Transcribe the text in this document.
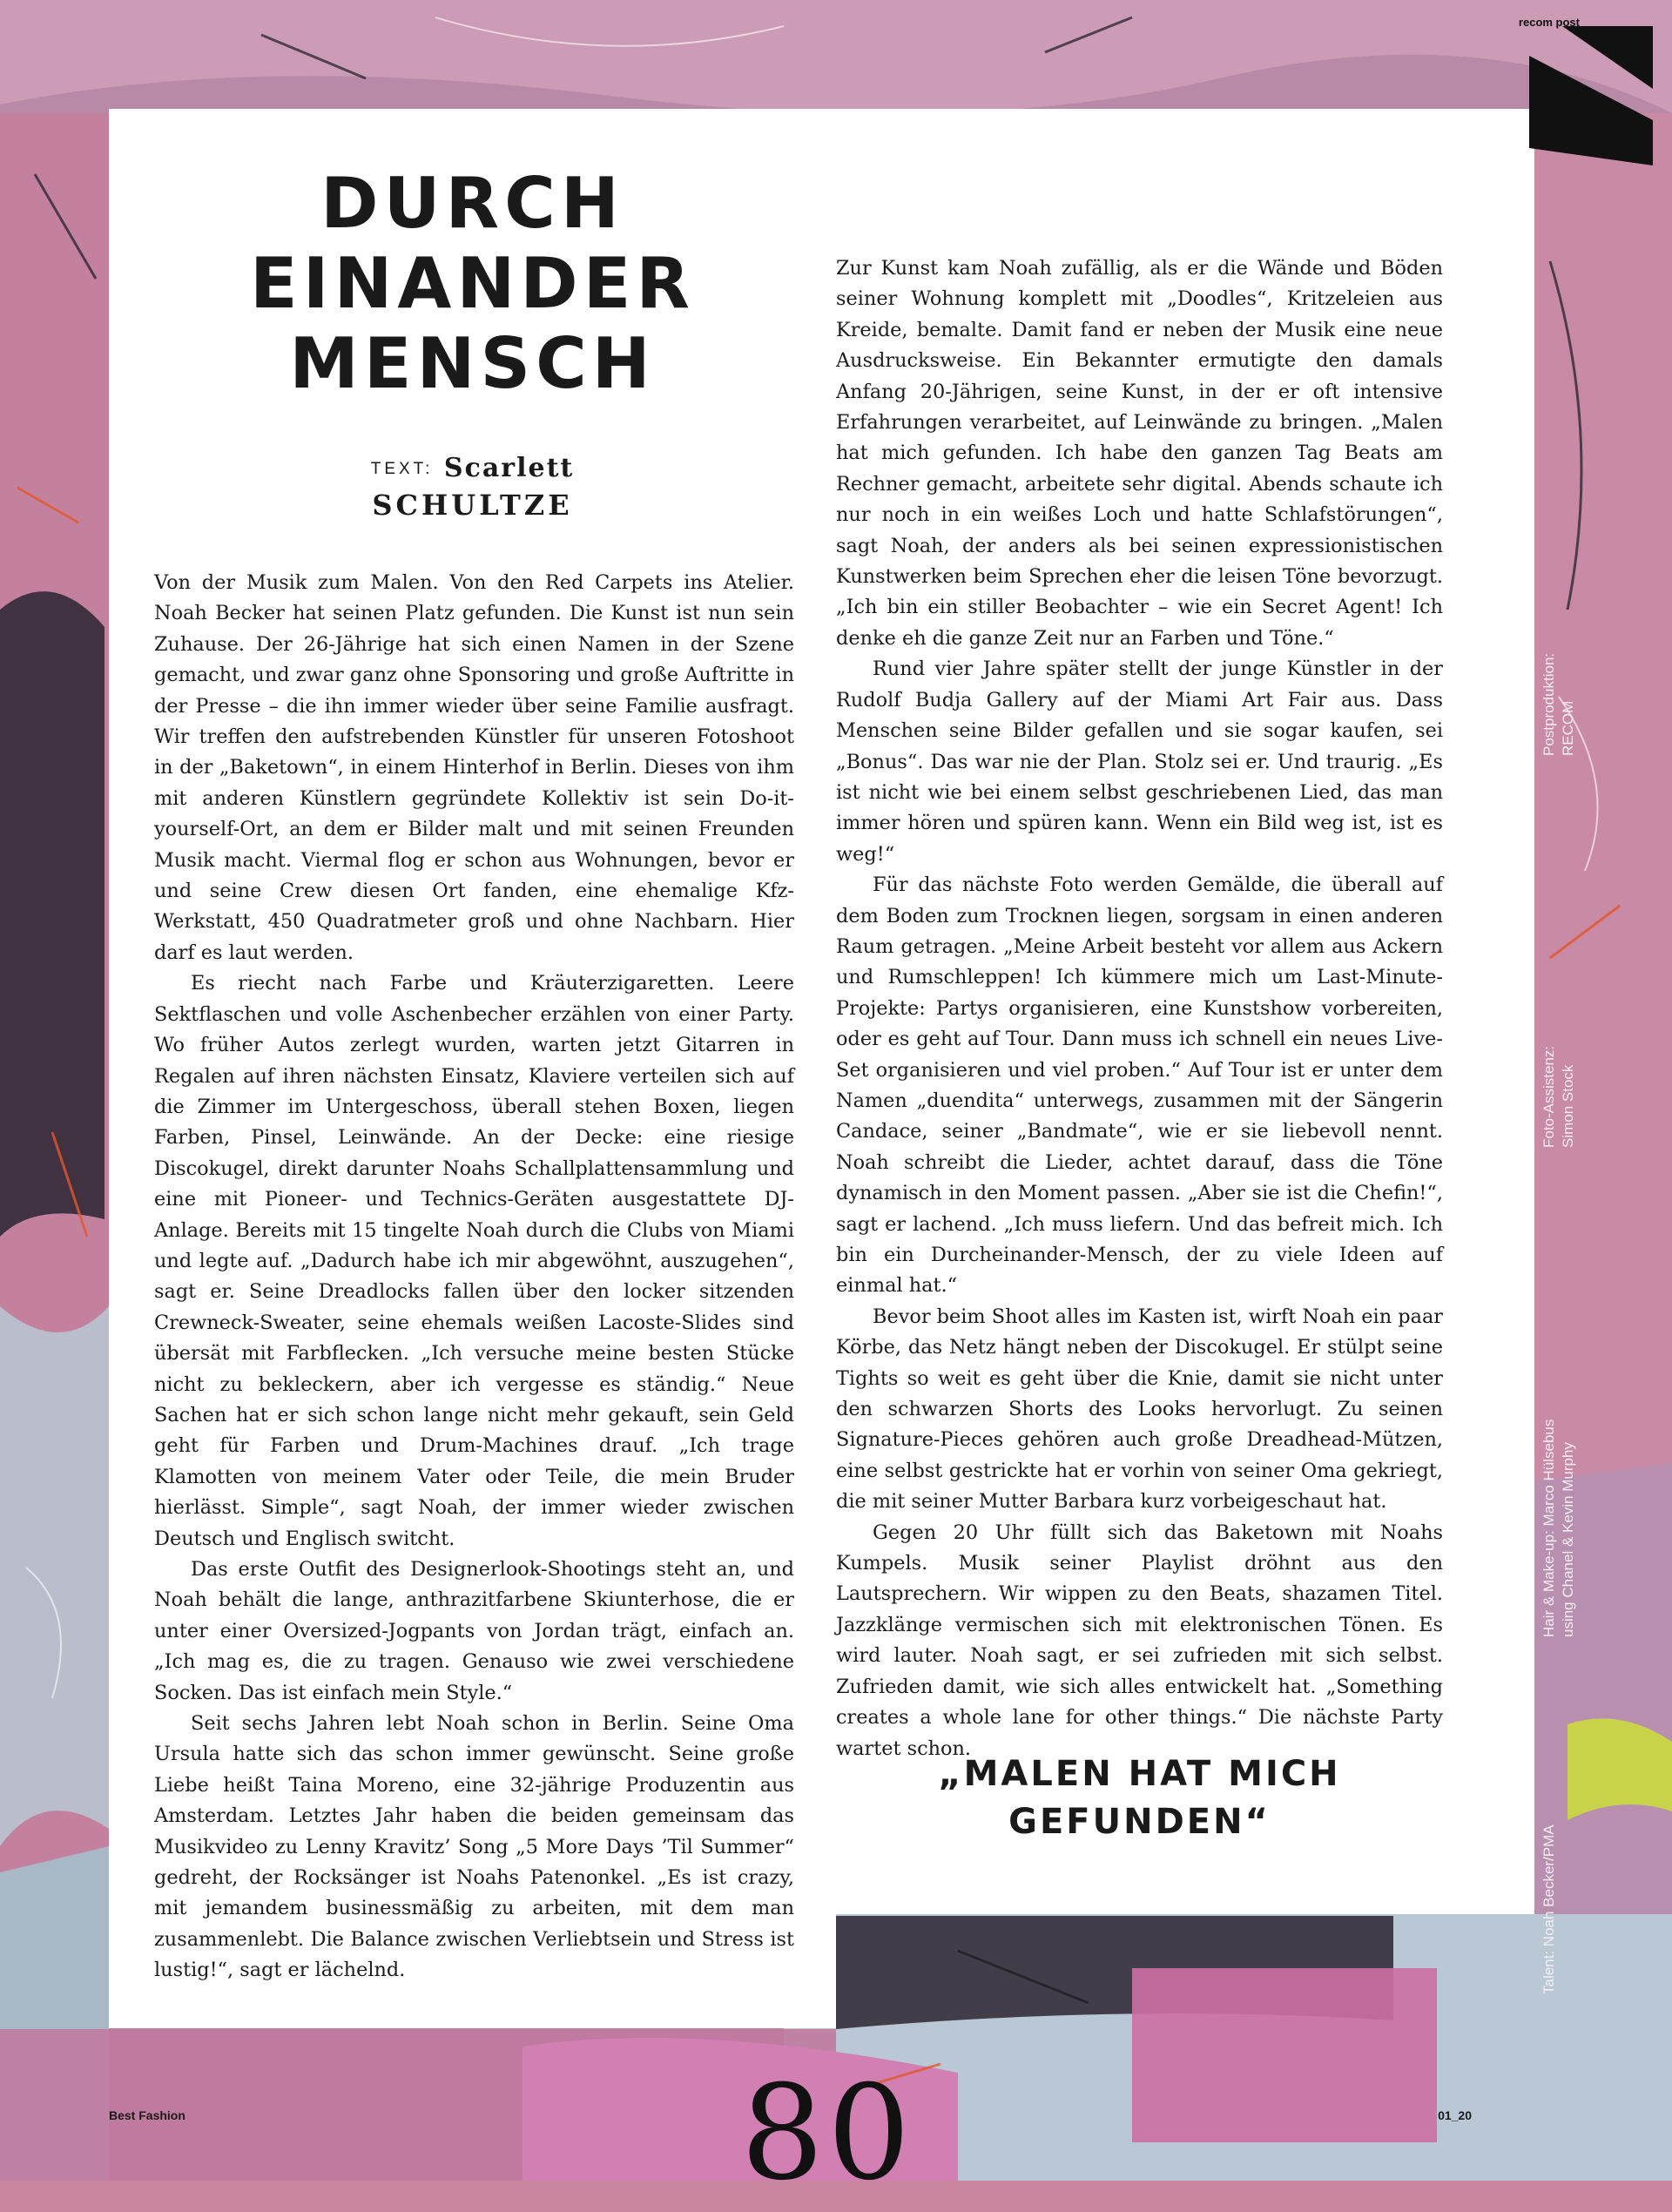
recom post
DURCH
EINANDER
MENSCH
TEXT: Scarlett
SCHULTZE

Von der Musik zum Malen. Von den Red Carpets ins Atelier. Noah Becker hat seinen Platz gefunden. Die Kunst ist nun sein Zuhause. Der 26-Jährige hat sich einen Namen in der Szene gemacht, und zwar ganz ohne Sponsoring und große Auftritte in der Presse – die ihn immer wieder über seine Familie ausfragt. Wir treffen den aufstrebenden Künstler für unseren Fotoshoot in der „Baketown“, in einem Hinterhof in Berlin. Dieses von ihm mit anderen Künstlern gegründete Kollektiv ist sein Do-it-yourself-Ort, an dem er Bilder malt und mit seinen Freunden Musik macht. Viermal flog er schon aus Wohnungen, bevor er und seine Crew diesen Ort fanden, eine ehemalige Kfz-Werkstatt, 450 Quadratmeter groß und ohne Nachbarn. Hier darf es laut werden.

Es riecht nach Farbe und Kräuterzigaretten. Leere Sektflaschen und volle Aschenbecher erzählen von einer Party. Wo früher Autos zerlegt wurden, warten jetzt Gitarren in Regalen auf ihren nächsten Einsatz, Klaviere verteilen sich auf die Zimmer im Untergeschoss, überall stehen Boxen, liegen Farben, Pinsel, Leinwände. An der Decke: eine riesige Discokugel, direkt darunter Noahs Schallplattensammlung und eine mit Pioneer- und Technics-Geräten ausgestattete DJ-Anlage. Bereits mit 15 tingelte Noah durch die Clubs von Miami und legte auf. „Dadurch habe ich mir abgewöhnt, auszugehen“, sagt er. Seine Dreadlocks fallen über den locker sitzenden Crewneck-Sweater, seine ehemals weißen Lacoste-Slides sind übersät mit Farbflecken. „Ich versuche meine besten Stücke nicht zu bekleckern, aber ich vergesse es ständig.“ Neue Sachen hat er sich schon lange nicht mehr gekauft, sein Geld geht für Farben und Drum-Machines drauf. „Ich trage Klamotten von meinem Vater oder Teile, die mein Bruder hierlässt. Simple“, sagt Noah, der immer wieder zwischen Deutsch und Englisch switcht.

Das erste Outfit des Designerlook-Shootings steht an, und Noah behält die lange, anthrazitfarbene Skiunterhose, die er unter einer Oversized-Jogpants von Jordan trägt, einfach an. „Ich mag es, die zu tragen. Genauso wie zwei verschiedene Socken. Das ist einfach mein Style.“

Seit sechs Jahren lebt Noah schon in Berlin. Seine Oma Ursula hatte sich das schon immer gewünscht. Seine große Liebe heißt Taina Moreno, eine 32-jährige Produzentin aus Amsterdam. Letztes Jahr haben die beiden gemeinsam das Musikvideo zu Lenny Kravitz’ Song „5 More Days ’Til Summer“ gedreht, der Rocksänger ist Noahs Patenonkel. „Es ist crazy, mit jemandem businessmäßig zu arbeiten, mit dem man zusammenlebt. Die Balance zwischen Verliebtsein und Stress ist lustig!“, sagt er lächelnd.

Zur Kunst kam Noah zufällig, als er die Wände und Böden seiner Wohnung komplett mit „Doodles“, Kritzeleien aus Kreide, bemalte. Damit fand er neben der Musik eine neue Ausdrucksweise. Ein Bekannter ermutigte den damals Anfang 20-Jährigen, seine Kunst, in der er oft intensive Erfahrungen verarbeitet, auf Leinwände zu bringen. „Malen hat mich gefunden. Ich habe den ganzen Tag Beats am Rechner gemacht, arbeitete sehr digital. Abends schaute ich nur noch in ein weißes Loch und hatte Schlafstörungen“, sagt Noah, der anders als bei seinen expressionistischen Kunstwerken beim Sprechen eher die leisen Töne bevorzugt. „Ich bin ein stiller Beobachter – wie ein Secret Agent! Ich denke eh die ganze Zeit nur an Farben und Töne.“

Rund vier Jahre später stellt der junge Künstler in der Rudolf Budja Gallery auf der Miami Art Fair aus. Dass Menschen seine Bilder gefallen und sie sogar kaufen, sei „Bonus“. Das war nie der Plan. Stolz sei er. Und traurig. „Es ist nicht wie bei einem selbst geschriebenen Lied, das man immer hören und spüren kann. Wenn ein Bild weg ist, ist es weg!“

Für das nächste Foto werden Gemälde, die überall auf dem Boden zum Trocknen liegen, sorgsam in einen anderen Raum getragen. „Meine Arbeit besteht vor allem aus Ackern und Rumschleppen! Ich kümmere mich um Last-Minute-Projekte: Partys organisieren, eine Kunstshow vorbereiten, oder es geht auf Tour. Dann muss ich schnell ein neues Live-Set organisieren und viel proben.“ Auf Tour ist er unter dem Namen „duendita“ unterwegs, zusammen mit der Sängerin Candace, seiner „Bandmate“, wie er sie liebevoll nennt. Noah schreibt die Lieder, achtet darauf, dass die Töne dynamisch in den Moment passen. „Aber sie ist die Chefin!“, sagt er lachend. „Ich muss liefern. Und das befreit mich. Ich bin ein Durcheinander-Mensch, der zu viele Ideen auf einmal hat.“

Bevor beim Shoot alles im Kasten ist, wirft Noah ein paar Körbe, das Netz hängt neben der Discokugel. Er stülpt seine Tights so weit es geht über die Knie, damit sie nicht unter den schwarzen Shorts des Looks hervorlugt. Zu seinen Signature-Pieces gehören auch große Dreadhead-Mützen, eine selbst gestrickte hat er vorhin von seiner Oma gekriegt, die mit seiner Mutter Barbara kurz vorbeigeschaut hat.

Gegen 20 Uhr füllt sich das Baketown mit Noahs Kumpels. Musik seiner Playlist dröhnt aus den Lautsprechern. Wir wippen zu den Beats, shazamen Titel. Jazzklänge vermischen sich mit elektronischen Tönen. Es wird lauter. Noah sagt, er sei zufrieden mit sich selbst. Zufrieden damit, wie sich alles entwickelt hat. „Something creates a whole lane for other things.“ Die nächste Party wartet schon.

„MALEN HAT MICH GEFUNDEN“
Postproduktion: RECOM
Foto-Assistenz: Simon Stock
Hair & Make-up: Marco Hülsebus using Chanel & Kevin Murphy
Talent: Noah Becker/PMA
Best Fashion	01_20
80
